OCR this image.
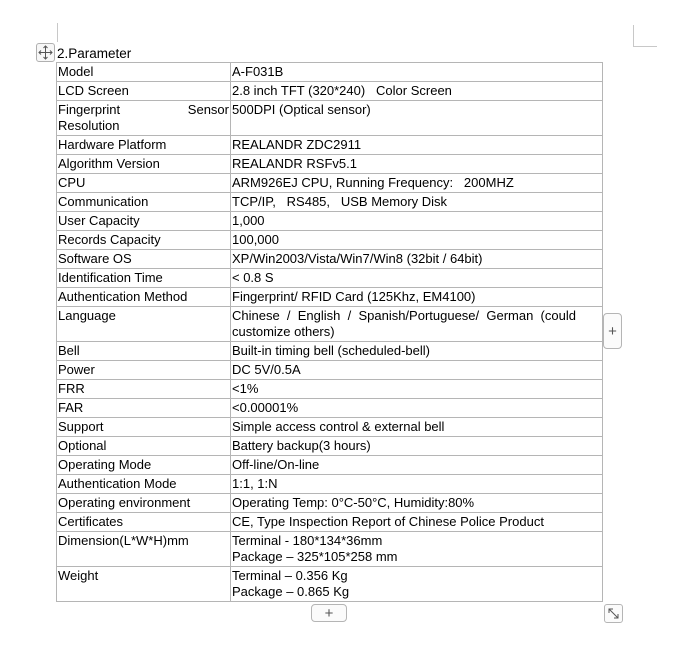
2.Parameter
Model	A-F031B

LCD Screen	2.8 inch TFT (320*240)   Color Screen

Fingerprint Sensor
Resolution	500DPI (Optical sensor)

Hardware Platform	REALANDR ZDC2911

Algorithm Version	REALANDR RSFv5.1

CPU	ARM926EJ CPU, Running Frequency:   200MHZ

Communication	TCP/IP,   RS485,   USB Memory Disk

User Capacity	1,000

Records Capacity	100,000

Software OS	XP/Win2003/Vista/Win7/Win8 (32bit / 64bit)

Identification Time	< 0.8 S

Authentication Method	Fingerprint/ RFID Card (125Khz, EM4100)

Language	Chinese  /  English  /  Spanish/Portuguese/  German  (could
customize others)

Bell	Built-in timing bell (scheduled-bell)

Power	DC 5V/0.5A

FRR	<1%

FAR	<0.00001%

Support	Simple access control & external bell

Optional	Battery backup(3 hours)

Operating Mode	Off-line/On-line

Authentication Mode	1:1, 1:N

Operating environment	Operating Temp: 0°C-50°C, Humidity:80%

Certificates	CE, Type Inspection Report of Chinese Police Product

Dimension(L*W*H)mm	Terminal - 180*134*36mm
Package – 325*105*258 mm

Weight	Terminal – 0.356 Kg
Package – 0.865 Kg
+
+
